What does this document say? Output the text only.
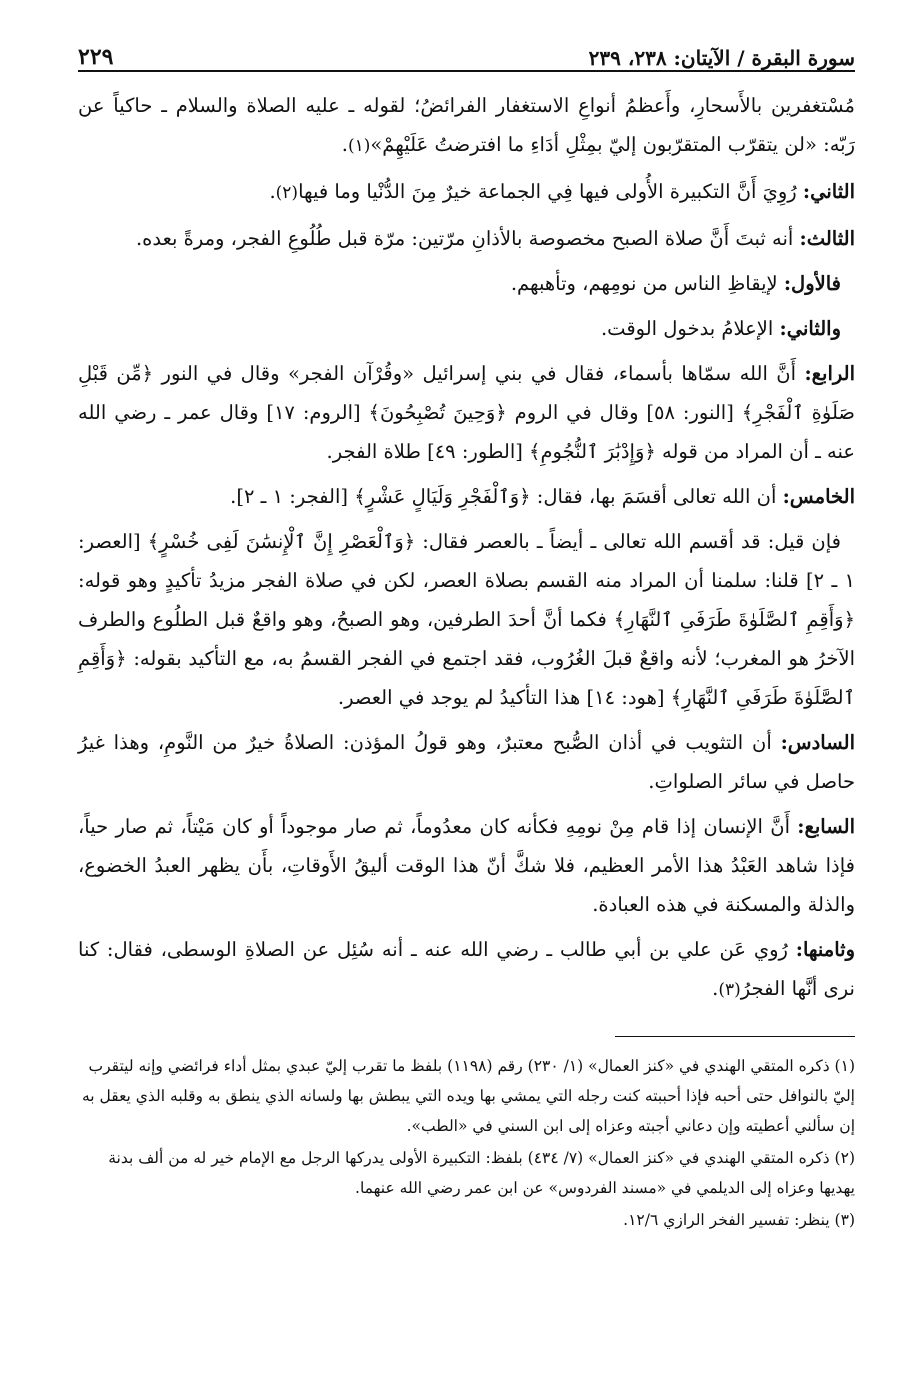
سورة البقرة / الآيتان: ٢٣٨، ٢٣٩
٢٢٩

مُسْتغفرين بالأَسحارِ، وأَعظمُ أنواعِ الاستغفار الفرائضُ؛ لقوله ـ عليه الصلاة والسلام ـ حاكياً عن رَبّه: «لن يتقرّب المتقرّبون إليّ بمِثْلِ أدَاءِ ما افترضتُ عَلَيْهِمْ»(١).

الثاني: رُوِيَ أَنَّ التكبيرة الأُولى فيها فِي الجماعة خيرٌ مِنَ الدُّنْيا وما فيها(٢).

الثالث: أنه ثبتَ أَنَّ صلاة الصبح مخصوصة بالأذانِ مرّتين: مرّة قبل طُلُوعِ الفجر، ومرةً بعده.

فالأول: لإيقاظِ الناس من نومِهم، وتأهبهم.

والثاني: الإعلامُ بدخول الوقت.

الرابع: أَنَّ الله سمّاها بأسماء، فقال في بني إسرائيل «وقُرْآن الفجر» وقال في النور ﴿مِّن قَبْلِ صَلَوٰةِ ٱلْفَجْرِ﴾ [النور: ٥٨] وقال في الروم ﴿وَحِينَ تُصْبِحُونَ﴾ [الروم: ١٧] وقال عمر ـ رضي الله عنه ـ أن المراد من قوله ﴿وَإِدْبَٰرَ ٱلنُّجُومِ﴾ [الطور: ٤٩] طلاة الفجر.

الخامس: أن الله تعالى أقسَمَ بها، فقال: ﴿وَٱلْفَجْرِ وَلَيَالٍ عَشْرٍ﴾ [الفجر: ١ ـ ٢].

فإن قيل: قد أقسم الله تعالى ـ أيضاً ـ بالعصر فقال: ﴿وَٱلْعَصْرِ إِنَّ ٱلْإِنسَٰنَ لَفِى خُسْرٍ﴾ [العصر: ١ ـ ٢] قلنا: سلمنا أن المراد منه القسم بصلاة العصر، لكن في صلاة الفجر مزيدُ تأكيدٍ وهو قوله: ﴿وَأَقِمِ ٱلصَّلَوٰةَ طَرَفَىِ ٱلنَّهَارِ﴾ فكما أنَّ أحدَ الطرفين، وهو الصبحُ، وهو واقعٌ قبل الطلُوع والطرف الآخرُ هو المغرب؛ لأنه واقعٌ قبلَ الغُرُوب، فقد اجتمع في الفجر القسمُ به، مع التأكيد بقوله: ﴿وَأَقِمِ ٱلصَّلَوٰةَ طَرَفَىِ ٱلنَّهَارِ﴾ [هود: ١٤] هذا التأكيدُ لم يوجد في العصر.

السادس: أن التثويب في أذان الصُّبح معتبرٌ، وهو قولُ المؤذن: الصلاةُ خيرٌ من النَّومِ، وهذا غيرُ حاصل في سائر الصلواتِ.

السابع: أَنَّ الإنسان إذا قام مِنْ نومِهِ فكأنه كان معدُوماً، ثم صار موجوداً أو كان مَيْتاً، ثم صار حياً، فإذا شاهد العَبْدُ هذا الأمر العظيم، فلا شكَّ أنّ هذا الوقت أليقُ الأَوقاتِ، بأَن يظهر العبدُ الخضوع، والذلة والمسكنة في هذه العبادة.

وثامنها: رُوي عَن علي بن أبي طالب ـ رضي الله عنه ـ أنه سُئِل عن الصلاةِ الوسطى، فقال: كنا نرى أنَّها الفجرُ(٣).

(١) ذكره المتقي الهندي في «كنز العمال» (١/ ٢٣٠) رقم (١١٩٨) بلفظ ما تقرب إليّ عبدي بمثل أداء فرائضي وإنه ليتقرب إليّ بالنوافل حتى أحبه فإذا أحببته كنت رجله التي يمشي بها ويده التي يبطش بها ولسانه الذي ينطق به وقلبه الذي يعقل به إن سألني أعطيته وإن دعاني أجبته وعزاه إلى ابن السني في «الطب».

(٢) ذكره المتقي الهندي في «كنز العمال» (٧/ ٤٣٤) بلفظ: التكبيرة الأولى يدركها الرجل مع الإمام خير له من ألف بدنة يهديها وعزاه إلى الديلمي في «مسند الفردوس» عن ابن عمر رضي الله عنهما.

(٣) ينظر: تفسير الفخر الرازي ١٢/٦.
